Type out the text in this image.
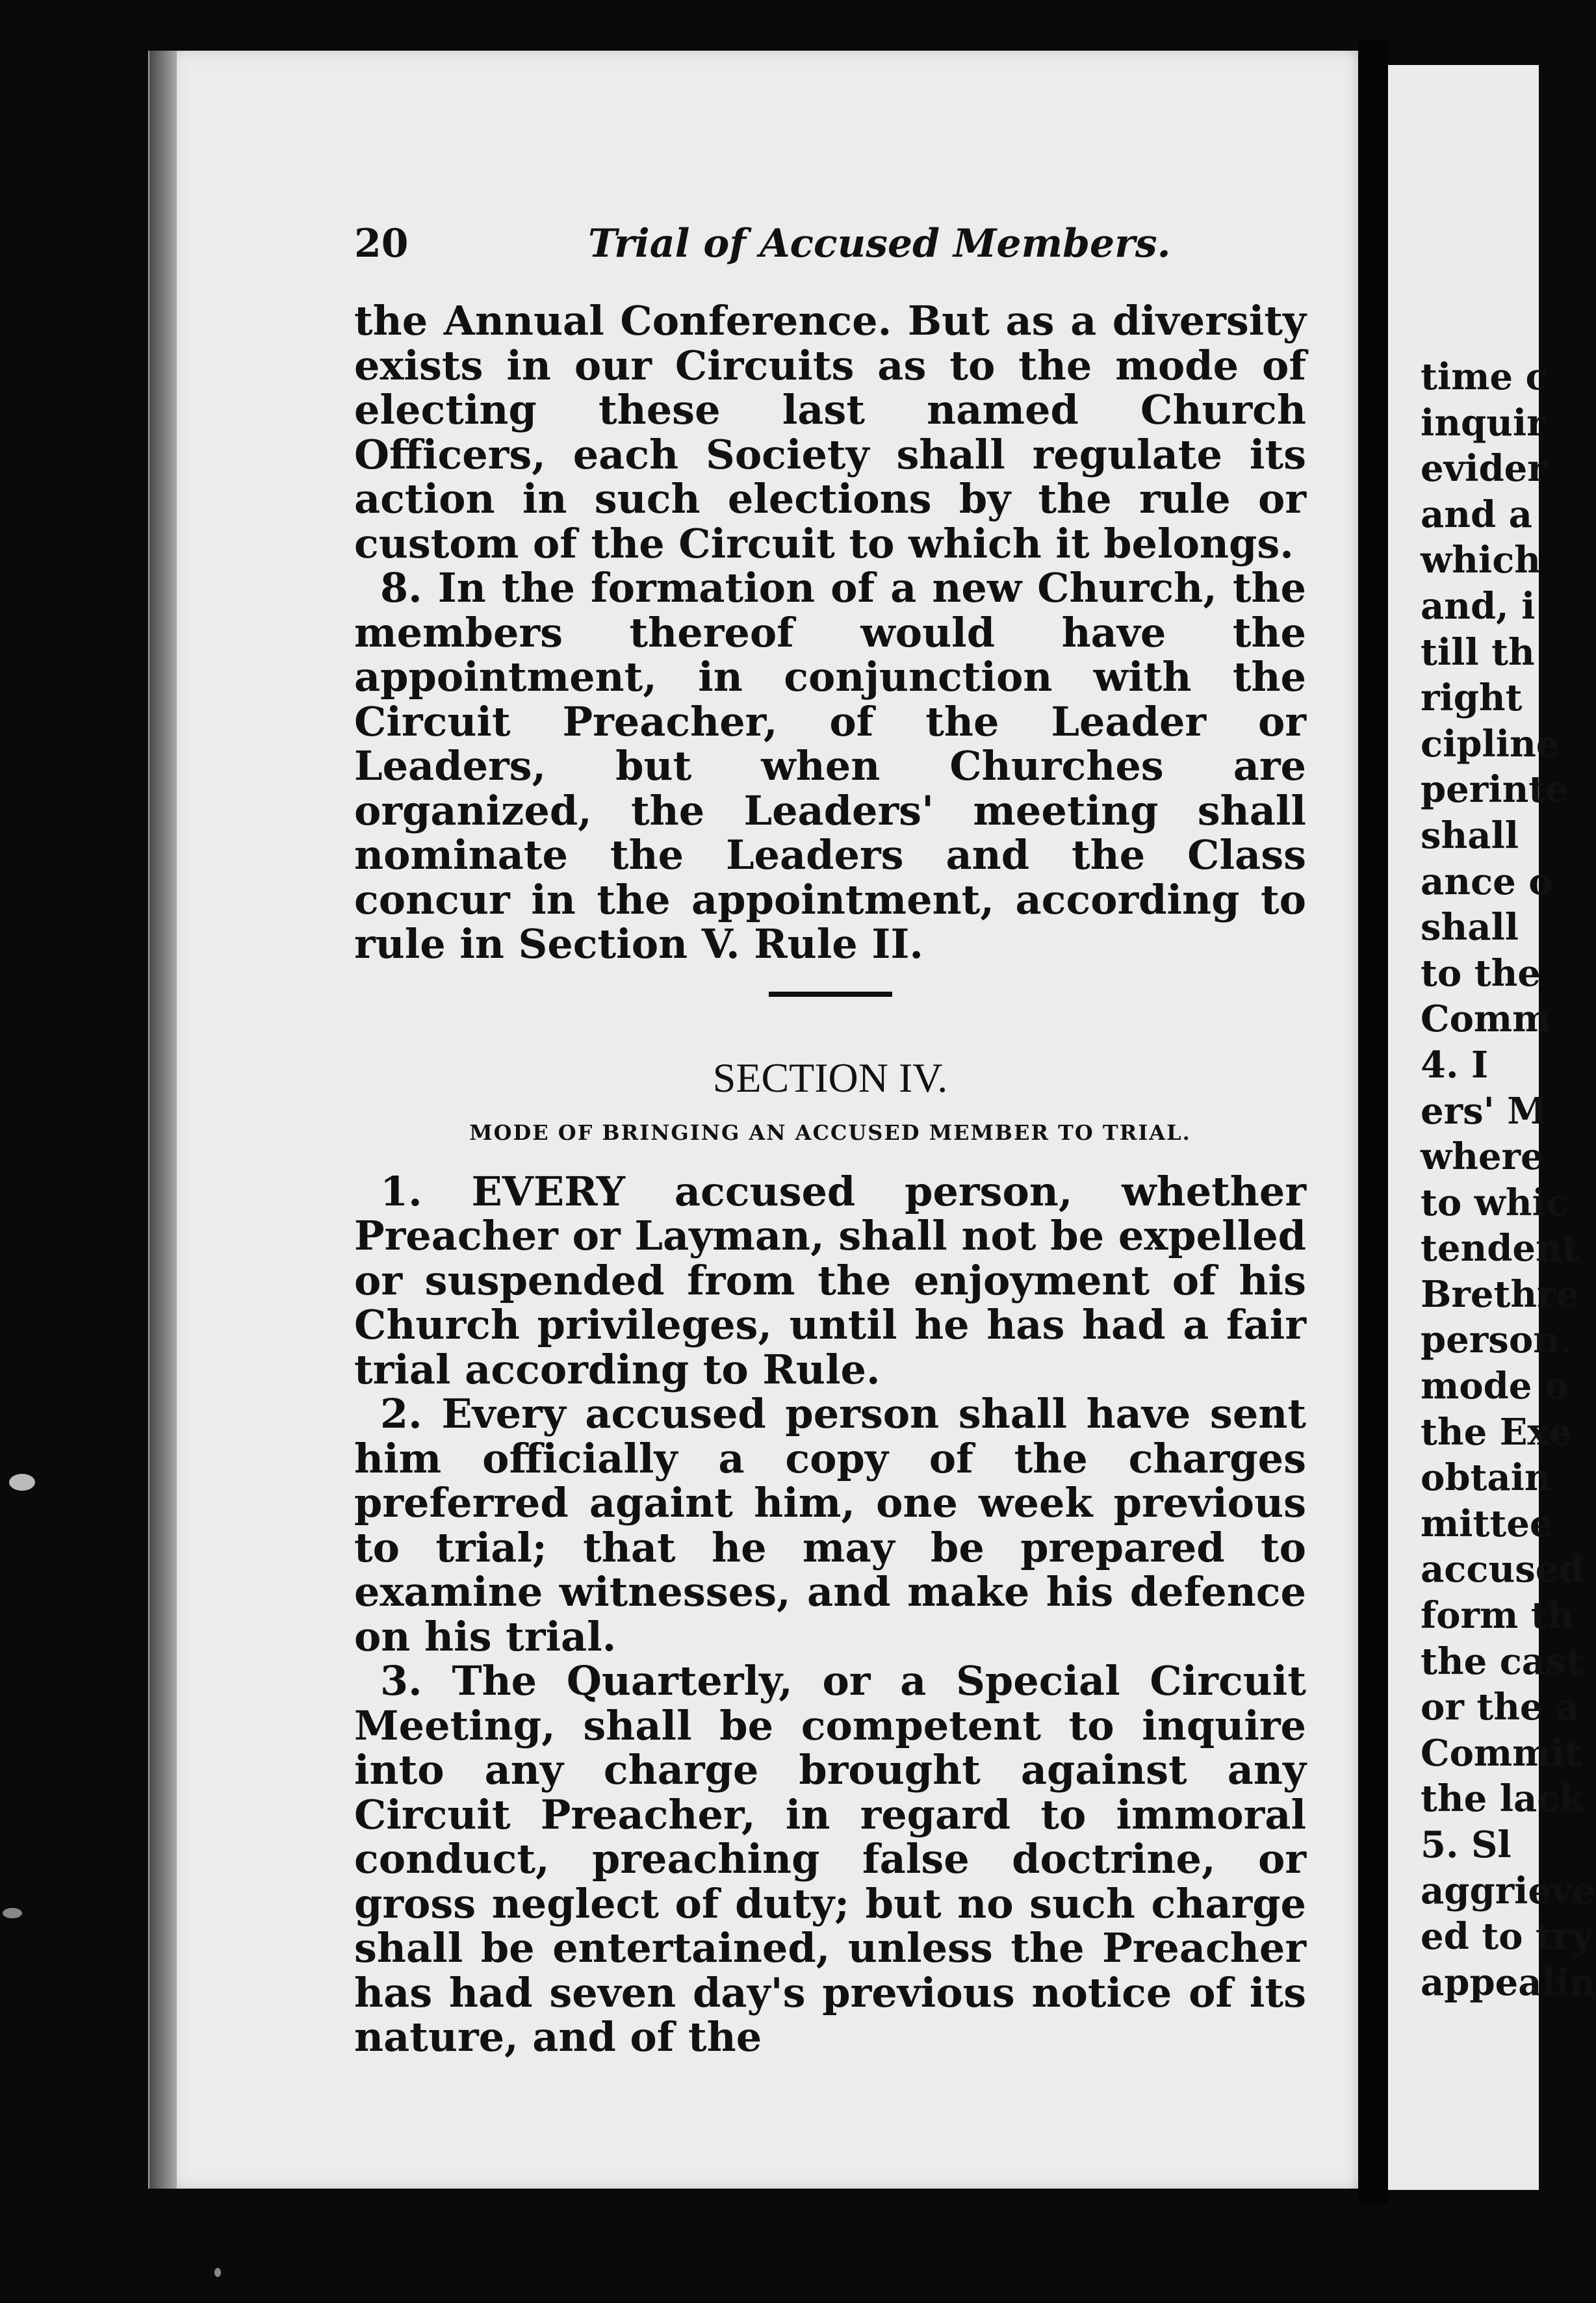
20	Trial of Accused Members.

the Annual Conference. But as a diversity exists in our Circuits as to the mode of electing these last named Church Officers, each Society shall regulate its action in such elections by the rule or custom of the Circuit to which it belongs.

8. In the formation of a new Church, the members thereof would have the appointment, in conjunction with the Circuit Preacher, of the Leader or Leaders, but when Churches are organized, the Leaders' meeting shall nominate the Leaders and the Class concur in the appointment, according to rule in Section V. Rule II.

SECTION IV.
MODE OF BRINGING AN ACCUSED MEMBER TO TRIAL.

1. EVERY accused person, whether Preacher or Layman, shall not be expelled or suspended from the enjoyment of his Church privileges, until he has had a fair trial according to Rule.

2. Every accused person shall have sent him officially a copy of the charges preferred againt him, one week previous to trial; that he may be prepared to examine witnesses, and make his defence on his trial.

3. The Quarterly, or a Special Circuit Meeting, shall be competent to inquire into any charge brought against any Circuit Preacher, in regard to immoral conduct, preaching false doctrine, or gross neglect of duty; but no such charge shall be entertained, unless the Preacher has had seven day's previous notice of its nature, and of the

time c
inquir
evider
and a
which
and, i
till th
right
cipline
perinte
shall
ance o
shall
to the
Comm
4. I
ers' M
where
to whic
tendent
Brethre
person.
mode o
the Exe
obtain
mittee
accused
form th
the cast
or the a
Commit
the lack
5. Sl
aggrieve
ed to try
appealin
